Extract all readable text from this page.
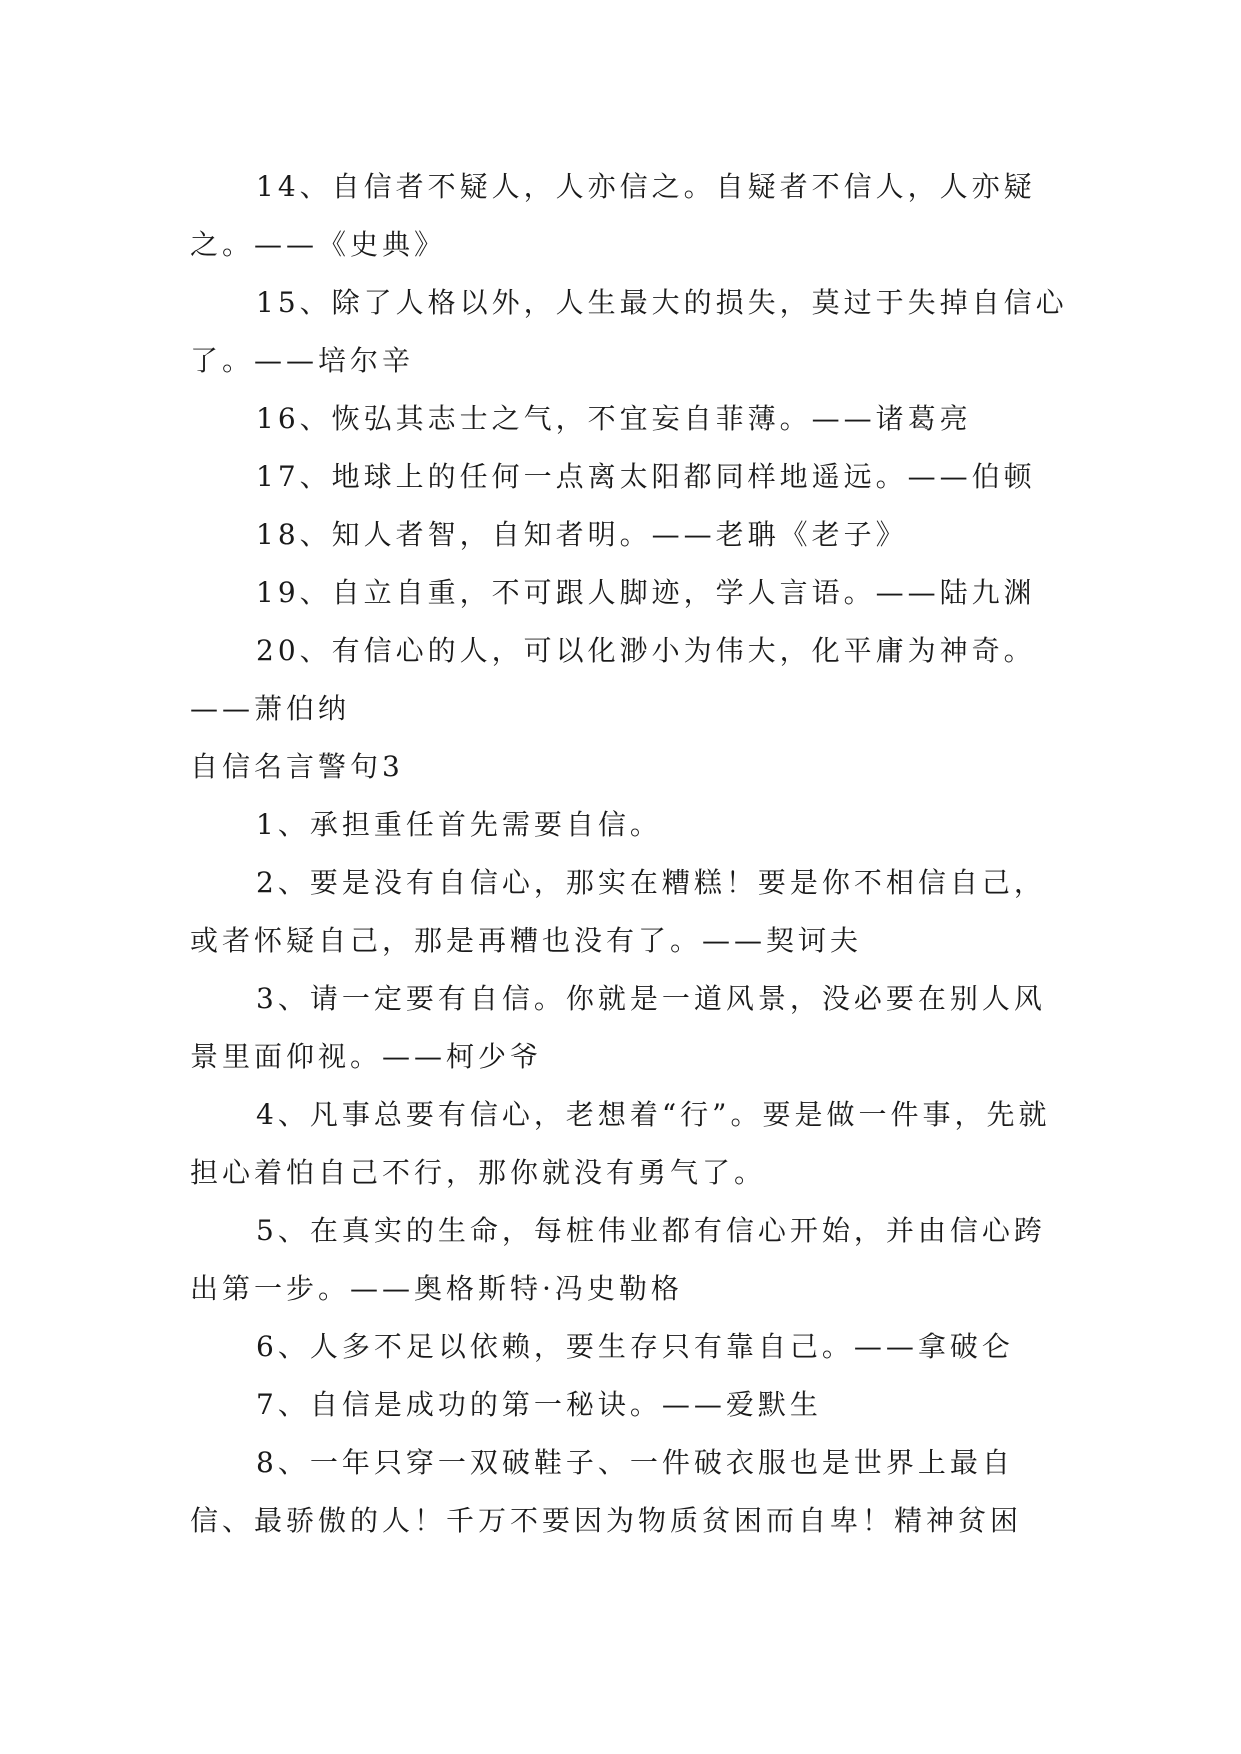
14、自信者不疑人，人亦信之。自疑者不信人，人亦疑之。——《史典》

15、除了人格以外，人生最大的损失，莫过于失掉自信心了。——培尔辛

16、恢弘其志士之气，不宜妄自菲薄。——诸葛亮

17、地球上的任何一点离太阳都同样地遥远。——伯顿

18、知人者智，自知者明。——老聃《老子》

19、自立自重，不可跟人脚迹，学人言语。——陆九渊

20、有信心的人，可以化渺小为伟大，化平庸为神奇。——萧伯纳

自信名言警句3

1、承担重任首先需要自信。

2、要是没有自信心，那实在糟糕！要是你不相信自己，或者怀疑自己，那是再糟也没有了。——契诃夫

3、请一定要有自信。你就是一道风景，没必要在别人风景里面仰视。——柯少爷

4、凡事总要有信心，老想着“行”。要是做一件事，先就担心着怕自己不行，那你就没有勇气了。

5、在真实的生命，每桩伟业都有信心开始，并由信心跨出第一步。——奥格斯特·冯史勒格

6、人多不足以依赖，要生存只有靠自己。——拿破仑

7、自信是成功的第一秘诀。——爱默生

8、一年只穿一双破鞋子、一件破衣服也是世界上最自信、最骄傲的人！千万不要因为物质贫困而自卑！精神贫困
